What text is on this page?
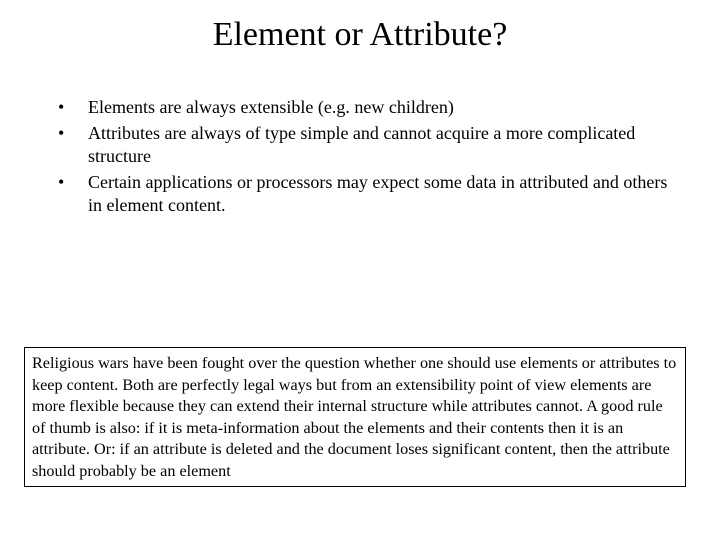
Element or Attribute?
• Elements are always extensible (e.g. new children)
• Attributes are always of type simple and cannot acquire a more complicated structure
• Certain applications or processors may expect some data in attributed and others in element content.
Religious wars have been fought over the question whether one should use elements or attributes to keep content. Both are perfectly legal ways but from an extensibility point of view elements are more flexible because they can extend their internal structure while attributes cannot. A good rule of thumb is also: if it is meta-information about the elements and their contents then it is an attribute. Or: if an attribute is deleted and the document loses significant content, then the attribute should probably be an element
